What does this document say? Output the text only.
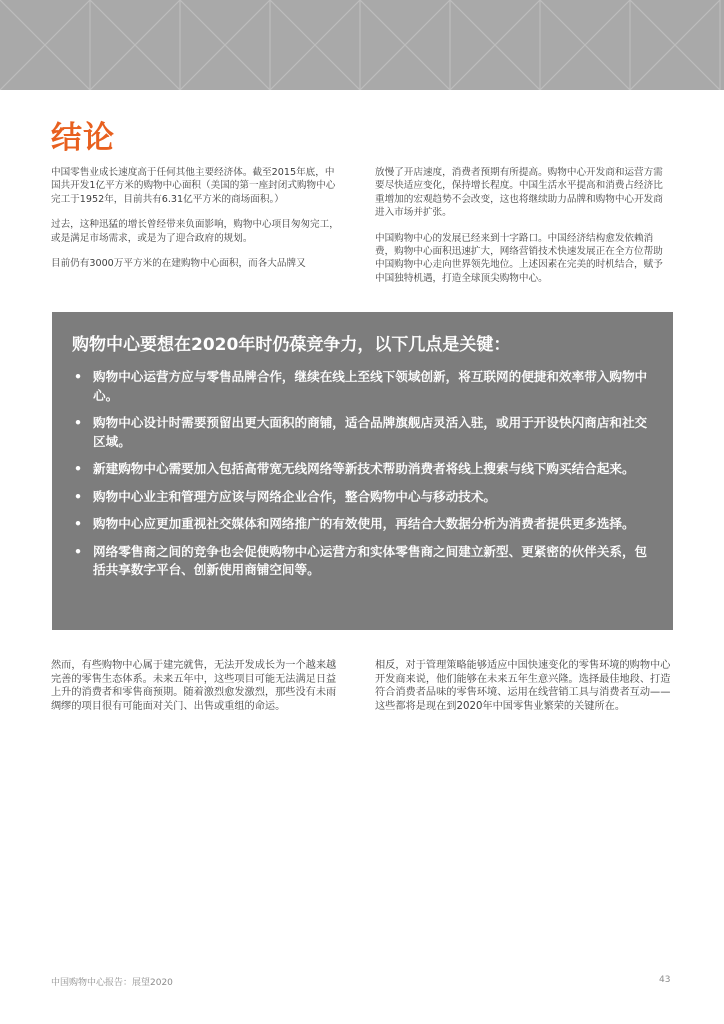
结论

中国零售业成长速度高于任何其他主要经济体。截至2015年底，中国共开发1亿平方米的购物中心面积（美国的第一座封闭式购物中心完工于1952年，目前共有6.31亿平方米的商场面积。）

过去，这种迅猛的增长曾经带来负面影响，购物中心项目匆匆完工，或是满足市场需求，或是为了迎合政府的规划。

目前仍有3000万平方米的在建购物中心面积，而各大品牌又

放慢了开店速度，消费者预期有所提高。购物中心开发商和运营方需要尽快适应变化，保持增长程度。中国生活水平提高和消费占经济比重增加的宏观趋势不会改变，这也将继续助力品牌和购物中心开发商进入市场并扩张。

中国购物中心的发展已经来到十字路口。中国经济结构愈发依赖消费，购物中心面积迅速扩大，网络营销技术快速发展正在全方位帮助中国购物中心走向世界领先地位。上述因素在完美的时机结合，赋予中国独特机遇，打造全球顶尖购物中心。

购物中心要想在2020年时仍葆竞争力，以下几点是关键：
• 购物中心运营方应与零售品牌合作，继续在线上至线下领域创新，将互联网的便捷和效率带入购物中心。
• 购物中心设计时需要预留出更大面积的商铺，适合品牌旗舰店灵活入驻，或用于开设快闪商店和社交区域。
• 新建购物中心需要加入包括高带宽无线网络等新技术帮助消费者将线上搜索与线下购买结合起来。
• 购物中心业主和管理方应该与网络企业合作，整合购物中心与移动技术。
• 购物中心应更加重视社交媒体和网络推广的有效使用，再结合大数据分析为消费者提供更多选择。
• 网络零售商之间的竞争也会促使购物中心运营方和实体零售商之间建立新型、更紧密的伙伴关系，包括共享数字平台、创新使用商铺空间等。

然而，有些购物中心属于建完就售，无法开发成长为一个越来越完善的零售生态体系。未来五年中，这些项目可能无法满足日益上升的消费者和零售商预期。随着激烈愈发激烈，那些没有未雨绸缪的项目很有可能面对关门、出售或重组的命运。

相反，对于管理策略能够适应中国快速变化的零售环境的购物中心开发商来说，他们能够在未来五年生意兴隆。选择最佳地段、打造符合消费者品味的零售环境、运用在线营销工具与消费者互动——这些都将是现在到2020年中国零售业繁荣的关键所在。

中国购物中心报告：展望2020	43
